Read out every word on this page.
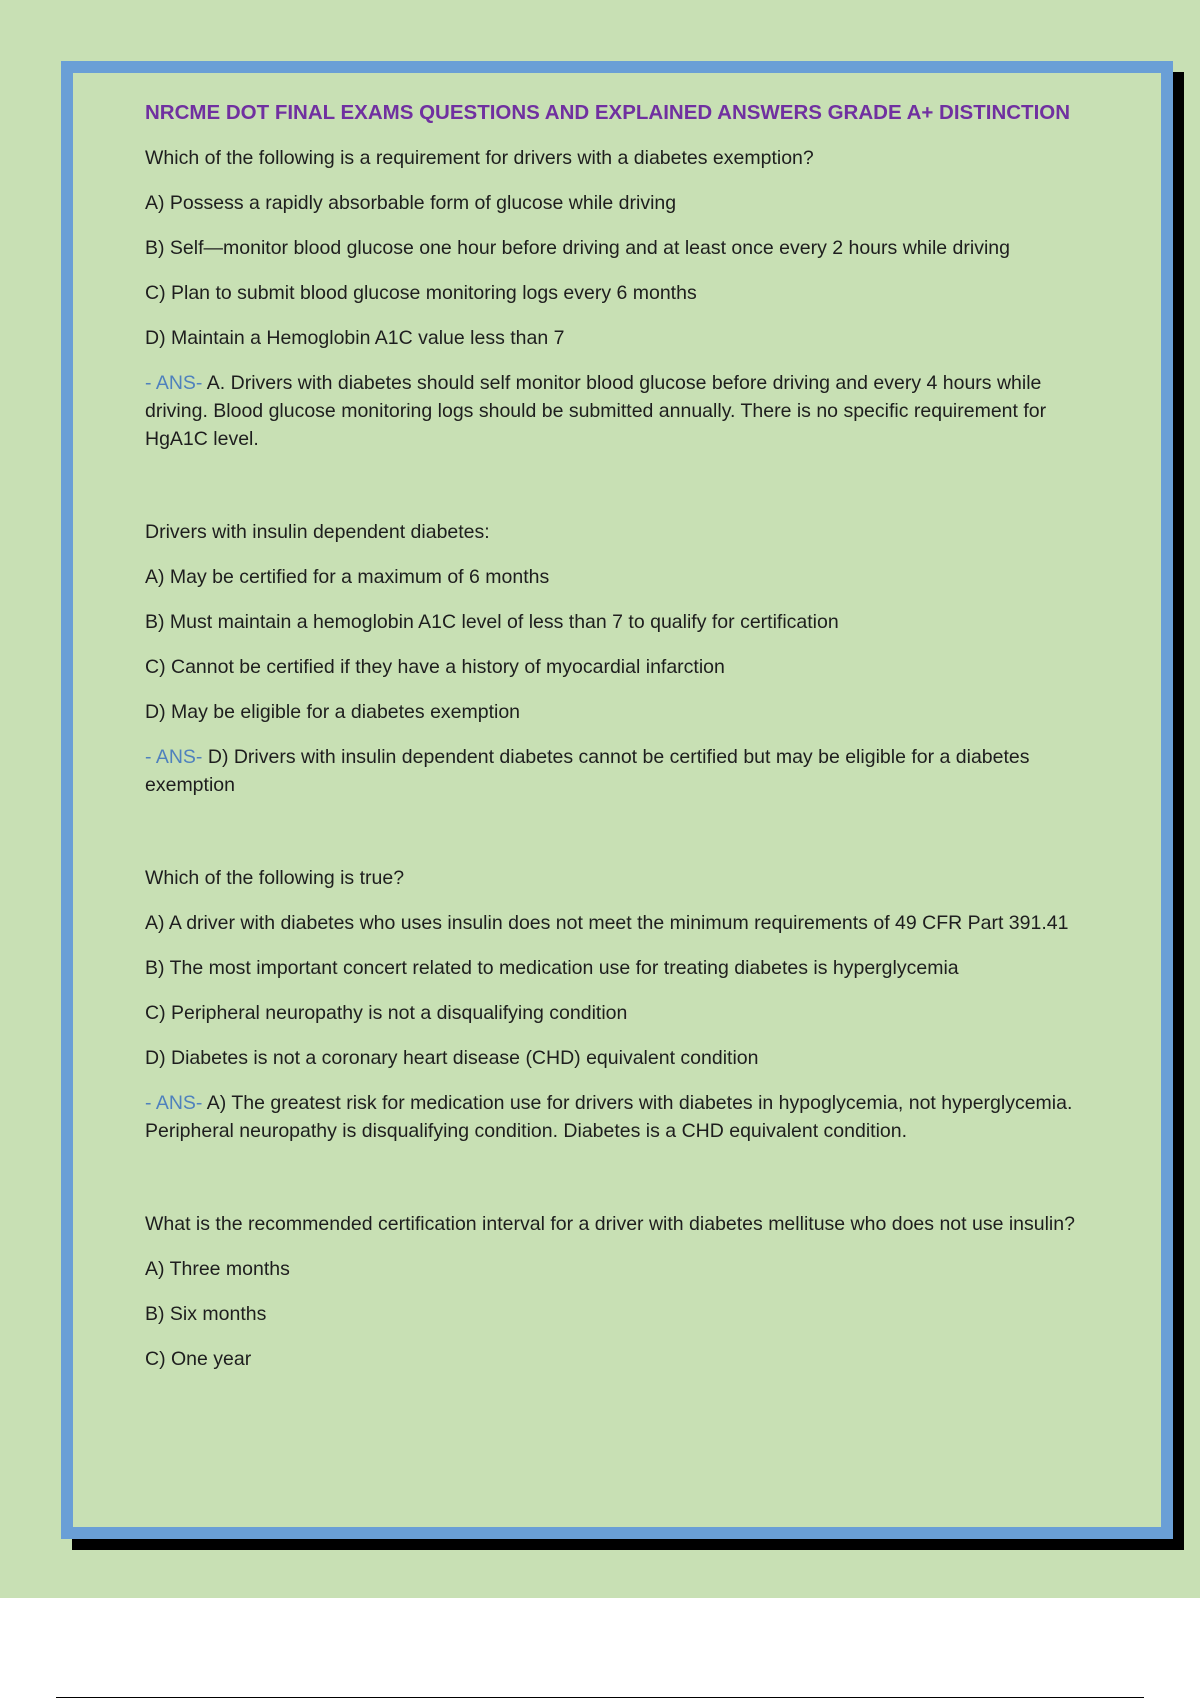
NRCME DOT FINAL EXAMS QUESTIONS AND EXPLAINED ANSWERS GRADE A+ DISTINCTION
Which of the following is a requirement for drivers with a diabetes exemption?
A) Possess a rapidly absorbable form of glucose while driving
B) Self—monitor blood glucose one hour before driving and at least once every 2 hours while driving
C) Plan to submit blood glucose monitoring logs every 6 months
D) Maintain a Hemoglobin A1C value less than 7
- ANS- A. Drivers with diabetes should self monitor blood glucose before driving and every 4 hours while driving. Blood glucose monitoring logs should be submitted annually. There is no specific requirement for HgA1C level.
Drivers with insulin dependent diabetes:
A) May be certified for a maximum of 6 months
B) Must maintain a hemoglobin A1C level of less than 7 to qualify for certification
C) Cannot be certified if they have a history of myocardial infarction
D) May be eligible for a diabetes exemption
- ANS- D) Drivers with insulin dependent diabetes cannot be certified but may be eligible for a diabetes exemption
Which of the following is true?
A) A driver with diabetes who uses insulin does not meet the minimum requirements of 49 CFR Part 391.41
B) The most important concert related to medication use for treating diabetes is hyperglycemia
C) Peripheral neuropathy is not a disqualifying condition
D) Diabetes is not a coronary heart disease (CHD) equivalent condition
- ANS- A) The greatest risk for medication use for drivers with diabetes in hypoglycemia, not hyperglycemia. Peripheral neuropathy is disqualifying condition. Diabetes is a CHD equivalent condition.
What is the recommended certification interval for a driver with diabetes mellituse who does not use insulin?
A) Three months
B) Six months
C) One year
